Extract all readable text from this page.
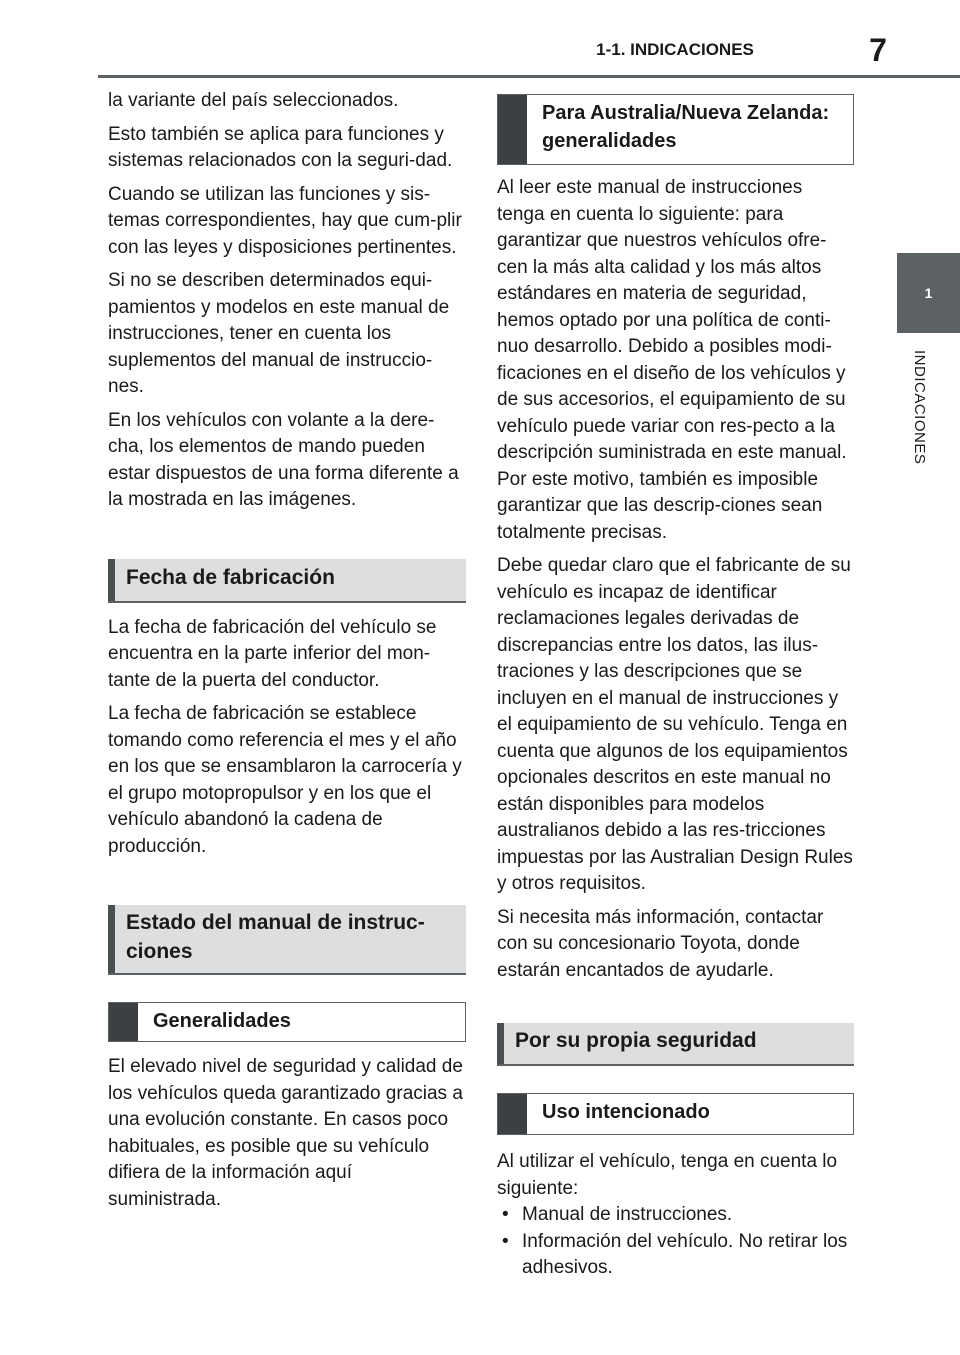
1-1. INDICACIONES	7
1
INDICACIONES

la variante del país seleccionados.

Esto también se aplica para funciones y sistemas relacionados con la seguri-dad.

Cuando se utilizan las funciones y sis-temas correspondientes, hay que cum-plir con las leyes y disposiciones pertinentes.

Si no se describen determinados equi-pamientos y modelos en este manual de instrucciones, tener en cuenta los suplementos del manual de instruccio-nes.

En los vehículos con volante a la dere-cha, los elementos de mando pueden estar dispuestos de una forma diferente a la mostrada en las imágenes.

Fecha de fabricación

La fecha de fabricación del vehículo se encuentra en la parte inferior del mon-tante de la puerta del conductor.

La fecha de fabricación se establece tomando como referencia el mes y el año en los que se ensamblaron la carrocería y el grupo motopropulsor y en los que el vehículo abandonó la cadena de producción.

Estado del manual de instruc-ciones
Generalidades

El elevado nivel de seguridad y calidad de los vehículos queda garantizado gracias a una evolución constante. En casos poco habituales, es posible que su vehículo difiera de la información aquí suministrada.

Para Australia/Nueva Zelanda: generalidades

Al leer este manual de instrucciones tenga en cuenta lo siguiente: para garantizar que nuestros vehículos ofre-cen la más alta calidad y los más altos estándares en materia de seguridad, hemos optado por una política de conti-nuo desarrollo. Debido a posibles modi-ficaciones en el diseño de los vehículos y de sus accesorios, el equipamiento de su vehículo puede variar con res-pecto a la descripción suministrada en este manual. Por este motivo, también es imposible garantizar que las descrip-ciones sean totalmente precisas.

Debe quedar claro que el fabricante de su vehículo es incapaz de identificar reclamaciones legales derivadas de discrepancias entre los datos, las ilus-traciones y las descripciones que se incluyen en el manual de instrucciones y el equipamiento de su vehículo. Tenga en cuenta que algunos de los equipamientos opcionales descritos en este manual no están disponibles para modelos australianos debido a las res-tricciones impuestas por las Australian Design Rules y otros requisitos.

Si necesita más información, contactar con su concesionario Toyota, donde estarán encantados de ayudarle.

Por su propia seguridad
Uso intencionado

Al utilizar el vehículo, tenga en cuenta lo siguiente:

• Manual de instrucciones.
• Información del vehículo. No retirar los adhesivos.
